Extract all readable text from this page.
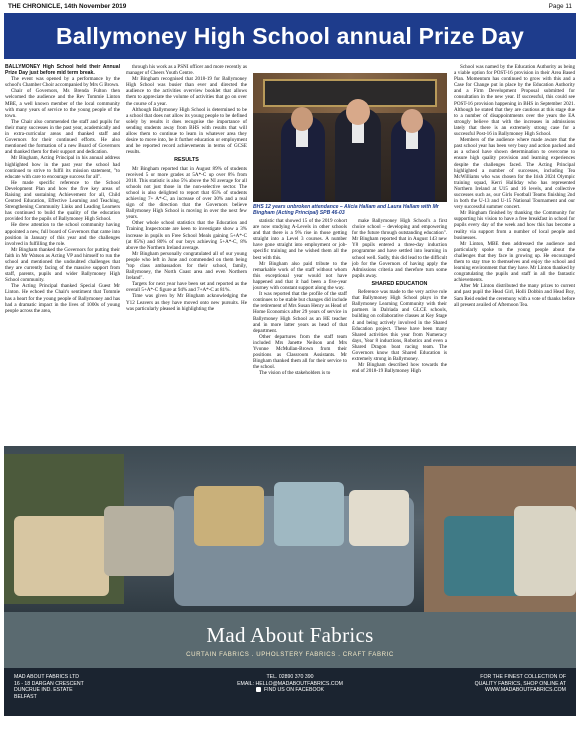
THE CHRONICLE, 14th November 2019	Page 11
Ballymoney High School annual Prize Day

BALLYMONEY High School held their Annual Prize Day just before mid term break.

The event was opened by a performance by the school's Chamber Choir accompanied by Mrs G Brown.

Chair of Governors, Ms Brenda Fulton then welcomed the audience and the Rev Tommie Linton MBE, a well known member of the local community with many years of service to the young people of the town.

The Chair also commended the staff and pupils for their many successes in the past year, academically and in extra-curricular areas and thanked staff and Governors for their continued efforts. He also mentioned the formation of a new Board of Governors and thanked them for their support and dedication.

Mr Bingham, Acting Principal in his annual address highlighted how in the past year the school had continued to strive to fulfil its mission statement, "to educate with care to encourage success for all".

He made specific reference to the School Development Plan and how the five key areas of Raising and sustaining Achievement for all, Child Centred Education, Effective Learning and Teaching, Strengthening Community Links and Leading Learners has continued to build the quality of the education provided for the pupils of Ballymoney High School.

He drew attention to the school community having appointed a new, full board of Governors that came into position in January of this year and the challenges involved in fulfilling the role.

Mr Bingham thanked the Governors for putting their faith in Mr Watson as Acting VP and himself to run the school and mentioned the undoubted challenges that they are currently facing of the massive support from staff, parents, pupils and wider Ballymoney High School community.

The Acting Principal thanked Special Guest Mr Linton. He echoed the Chair's sentiment that Tommie has a heart for the young people of Ballymoney and has had a dramatic impact in the lives of 1000s of young people across the area,

through his work as a PSNI officer and more recently as manager of Cheers Youth Centre.

Mr Bingham recognised that 2018-19 for Ballymoney High School was busier than ever and directed the audience to the activities overview booklet that allows them to appreciate the volume of activities that go on over the course of a year.

Although Ballymoney High School is determined to be a school that does not allow its young people to be defined solely by results it does recognise the importance of sending students away from BHS with results that will allow them to continue to learn in whatever area they desire to move into, be it further education or employment and be reported record achievements in terms of GCSE results.

RESULTS

Mr Bingham reported that in August 89% of students received 5 or more grades at 5A*-C up over 8% from 2018. This statistic is also 5% above the NI average for all schools not just those in the non-selective sector. The school is also delighted to report that 65% of students achieving 7+ A*-C, an increase of over 30% and a real sign of the direction that the Governors believe Ballymoney High School is moving in over the next few years.

Other whole school statistics that the Education and Training Inspectorate are keen to investigate show a 3% increase in pupils on Free School Meals gaining 5+A*-C (at 85%) and 80% of our boys achieving 5+A*-C, 8% above the Northern Ireland average.

Mr Bingham personally congratulated all of our young people who left in June and commended on them being "top class ambassadors for their school, family, Ballymoney, the North Coast area and even Northern Ireland".

Targets for next year have been set and reported as the overall 5+A*-C figure at 94% and 7+A*-C at 81%.

Time was given by Mr Bingham acknowledging the Y12 Leavers as they have moved onto new pursuits. He was particularly pleased in highlighting the

BHS 12 years unbroken attendance – Alicia Hallam and Laura Hallam with Mr Bingham (Acting Principal) SPB 46-03

statistic that showed 15 of the 2019 cohort are now studying A-Levels in other schools and that there is a 9% rise in those getting straight into a Level 3 courses. A number have gone straight into employment or job-specific training and he wished them all the best with this.

Mr Bingham also paid tribute to the remarkable work of the staff without whom this exceptional year would not have happened and that it had been a five-year journey with constant support along the way.

It was reported that the profile of the staff continues to be stable but changes did include the retirement of Mrs Susan Henry as Head of Home Economics after 29 years of service in Ballymoney High School as an HE teacher and in more latter years as head of that department.

Other departures from the staff team included Mrs Janette Neilson and Mrs Yvonne McMullan-Brown from their positions as Classroom Assistants. Mr Bingham thanked them all for their service to the school.

The vision of the stakeholders is to

make Ballymoney High School's a first choice school – developing and empowering for the future through outstanding education". Mr Bingham reported that in August 143 new Y8 pupils entered a three-day induction programme and have settled into learning in school well. Sadly, this did lead to the difficult job for the Governors of having apply the Admissions criteria and therefore turn some pupils away.

SHARED EDUCATION

Reference was made to the very active role that Ballymoney High School plays in the Ballymoney Learning Community with their partners in Dalriada and GLCE schools, building on collaborative classes at Key Stage 4 and being actively involved in the Shared Education project. These have been many Shared activities this year from Numeracy days, Year 8 inductions, Robotics and even a Shared Dragon boat racing team. The Governors know that Shared Education is extremely strong in Ballymoney.

Mr Bingham described how towards the end of 2018-19 Ballymoney High

School was named by the Education Authority as being a viable option for POST-16 provision in their Area Based Plan. Momentum has continued to grow with this and a Case for Change put in place by the Education Authority and a Firm Development Proposal submitted for consultation in the new year. If successful, this could see POST-16 provision happening in BHS in September 2021. Although he stated that they are cautious at this stage due to a number of disappointments over the years the EA strongly believe that with the increases in admissions lately that there is an extremely strong case for a successful Post-16 in Ballymoney High School.

Members of the audience where made aware that the past school year has been very busy and action packed and as a school have shown determination to overcome to ensure high quality provision and learning experiences despite the challenges faced. The Acting Principal highlighted a number of successes, including Tea McWilliams who was chosen for the Irish 2024 Olympic training squad, Kerri Halliday who has represented Northern Ireland at U15 and 16 levels, and collective successes such as, our Girls Football Teams finishing 2nd in both the U-13 and U-15 National Tournament and our very successful summer concert.

Mr Bingham finished by thanking the Community for supporting his vision to have a free breakfast in school for pupils every day of the week and how this has become a reality via support from a number of local people and businesses.

Mr Linton, MBE then addressed the audience and particularly spoke to the young people about the challenges that they face in growing up. He encouraged them to stay true to themselves and enjoy the school and learning environment that they have. Mr Linton thanked by congratulating the pupils and staff in all the fantastic achievements.

After Mr Linton distributed the many prizes to current and past pupil the Head Girl, Holli Dobbin and Head Boy, Sam Reid ended the ceremony with a vote of thanks before all present availed of Afternoon Tea.

Mad About Fabrics
CURTAIN FABRICS . UPHOLSTERY FABRICS . CRAFT FABRIC
MAD ABOUT FABRICS LTD
16 - 18 DARGAN CRESCENT
DUNCRUE IND. ESTATE
BELFAST
TEL. 02890 370 390
EMAIL: HELLO@MADABOUTFABRICS.COM
FIND US ON FACEBOOK
FOR THE FINEST COLLECTION OF
QUALITY FABRICS, SHOP ONLINE AT
WWW.MADABOUTFABRICS.COM
